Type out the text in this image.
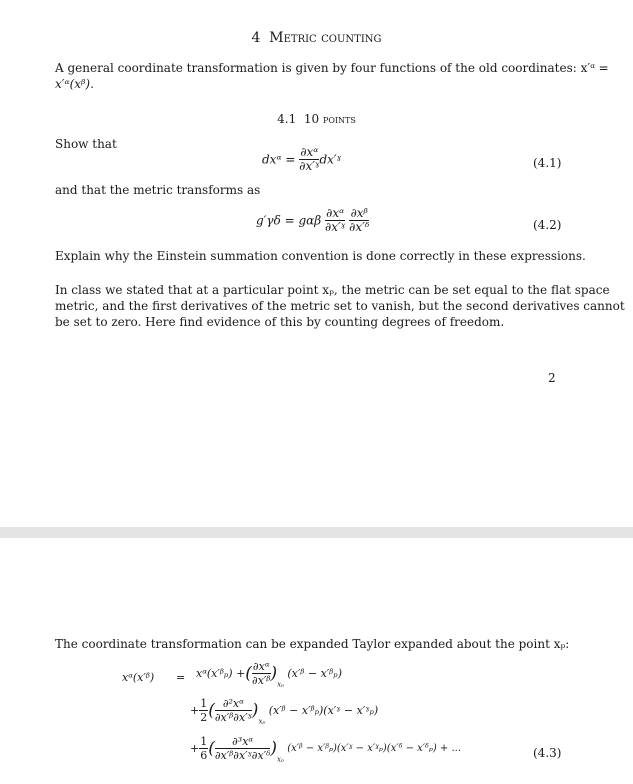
4 Metric counting
A general coordinate transformation is given by four functions of the old coordinates: x′ᵅ =
x′ᵅ(xᵝ).
4.1 10 points
Show that
dxᵅ = $\frac{\text{∂xᵅ}}{\text{∂x′ˠ}}$ dx′ˠ	(4.1)
and that the metric transforms as
g′γδ = gαβ $\frac{\text{∂xᵅ}}{\text{∂x′ˠ}}$
$\frac{\text{∂xᵝ}}{\text{∂x′ᵟ}}$	(4.2)
Explain why the Einstein summation convention is done correctly in these expressions.
In class we stated that at a particular point xₚ, the metric can be set equal to the flat space
metric, and the first derivatives of the metric set to vanish, but the second derivatives cannot
be set to zero. Here find evidence of this by counting degrees of freedom.
2
The coordinate transformation can be expanded Taylor expanded about the point xₚ:
xᵅ(x′ᵝ) = xᵅ(x′ᵝₚ) +( $\frac{\text{∂xᵅ}}{\text{∂x′ᵝ}} )_{x_p}$ (x′ᵝ − x′ᵝₚ)
+ $\frac{1}{2}$ ( $\frac{\text{∂²xᵅ}}{\text{∂x′ᵝ∂x′ˠ}} )_{x_p}$ (x′ᵝ − x′ᵝₚ)(x′ˠ − x′ˠₚ)
+ $\frac{1}{6}$ ( $\frac{\text{∂³xᵅ}}{\text{∂x′ᵝ∂x′ˠ∂x′ᵟ}} )_{x_p}$ (x′ᵝ − x′ᵝₚ)(x′ˠ − x′ˠₚ)(x′ᵟ − x′ᵟₚ) + ...	(4.3)
